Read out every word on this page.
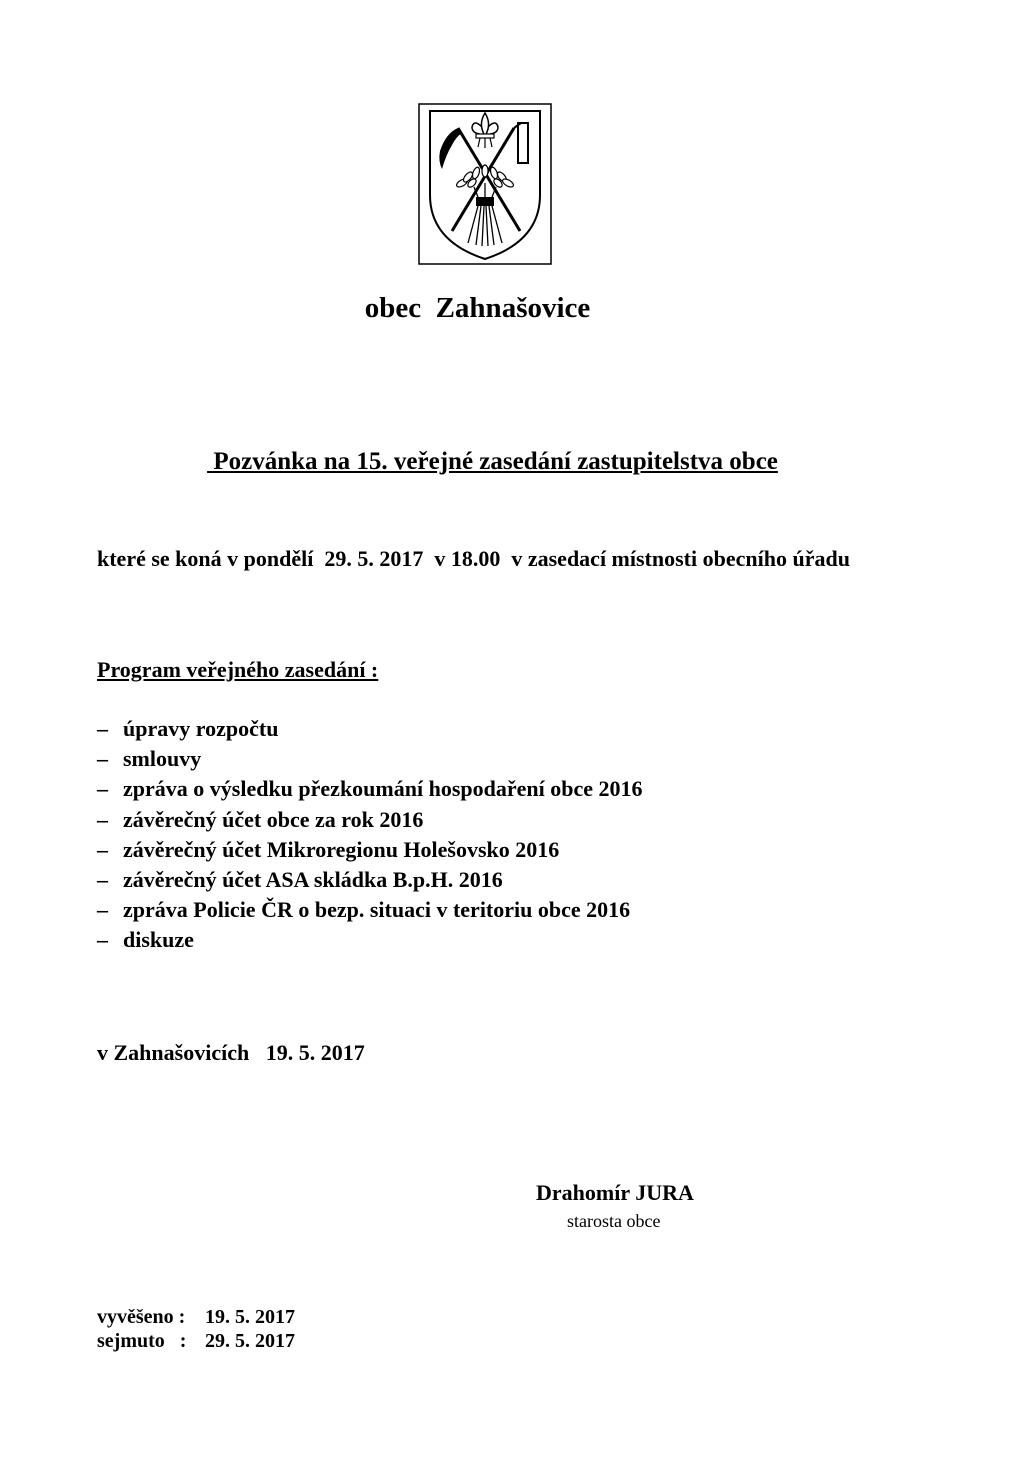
obec  Zahnašovice
Pozvánka na 15. veřejné zasedání zastupitelstva obce
které se koná v pondělí  29. 5. 2017  v 18.00  v zasedací místnosti obecního úřadu
Program veřejného zasedání :
– úpravy rozpočtu
– smlouvy
– zpráva o výsledku přezkoumání hospodaření obce 2016
– závěrečný účet obce za rok 2016
– závěrečný účet Mikroregionu Holešovsko 2016
– závěrečný účet ASA skládka B.p.H. 2016
– zpráva Policie ČR o bezp. situaci v teritoriu obce 2016
– diskuze
v Zahnašovicích   19. 5. 2017
Drahomír JURA
starosta obce
vyvěšeno : 19. 5. 2017
sejmuto   : 29. 5. 2017
